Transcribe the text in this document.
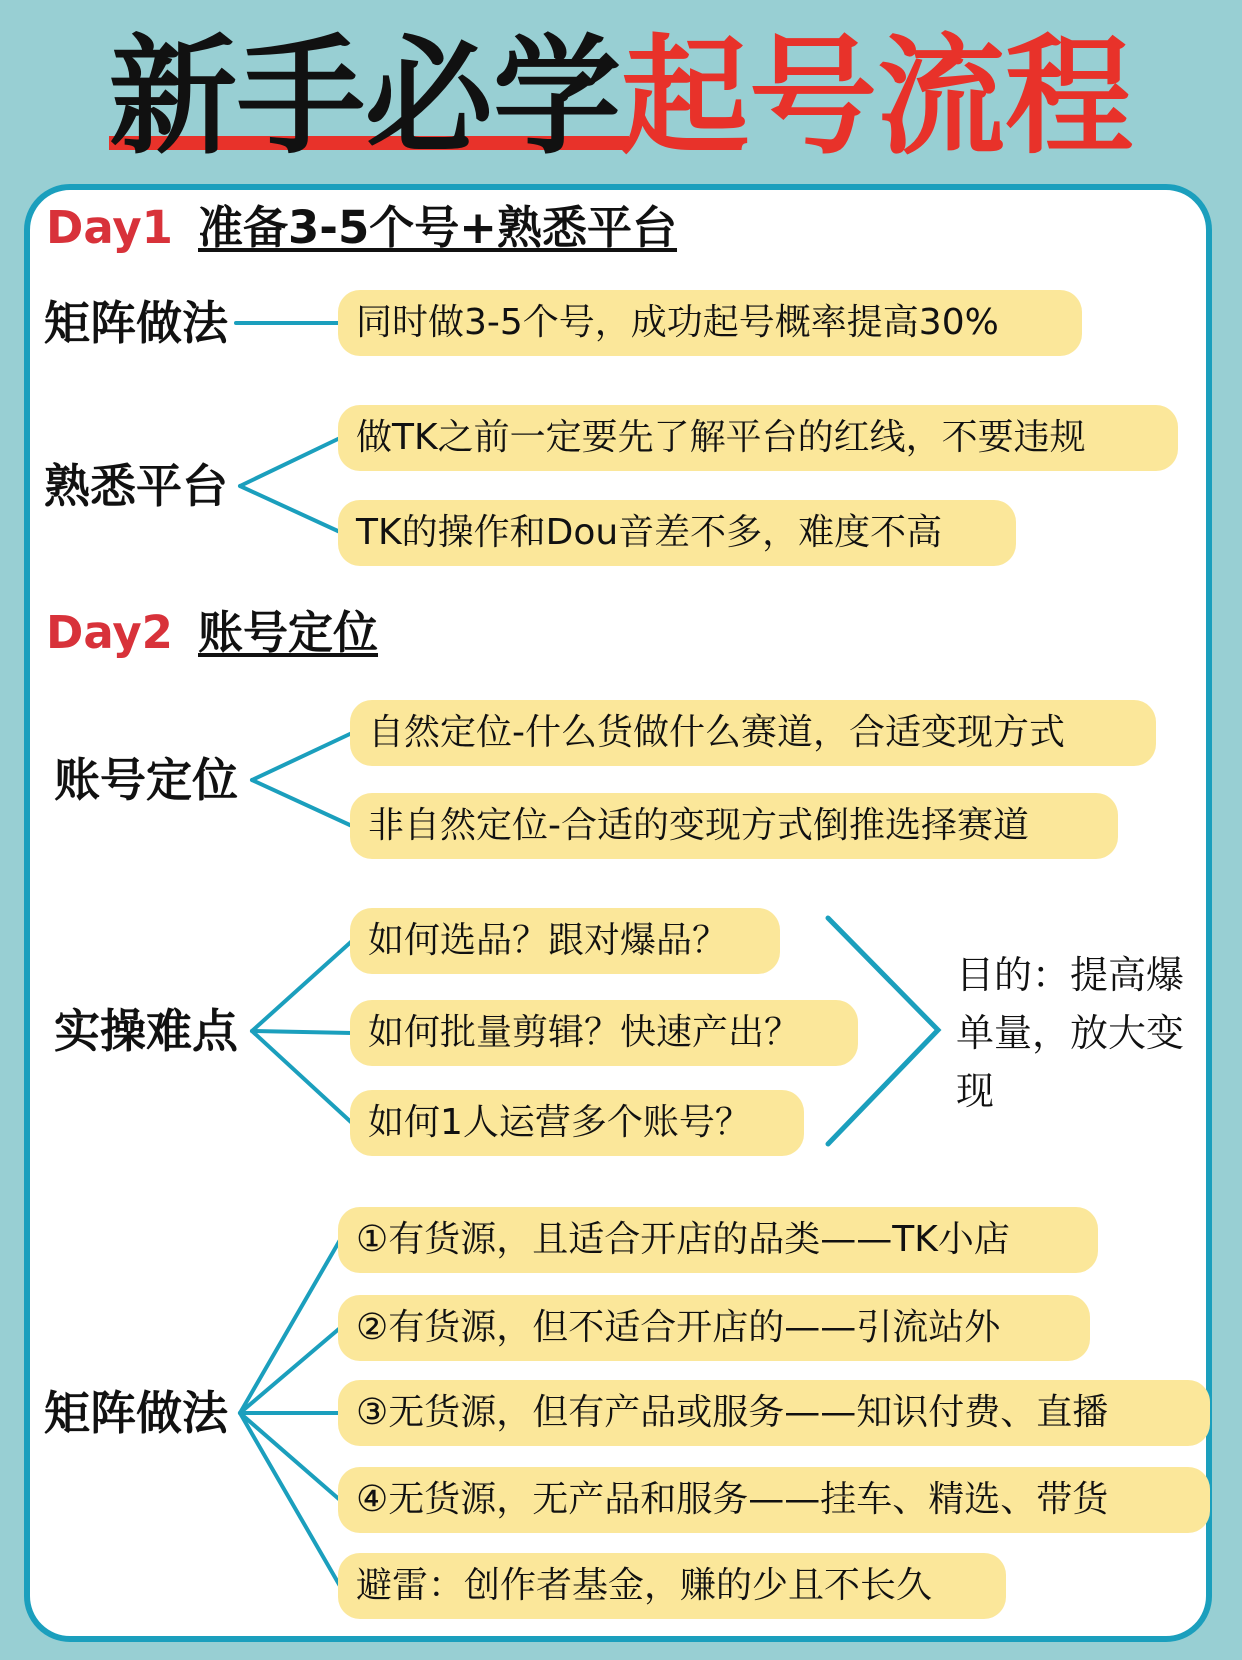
新手必学起号流程
Day1 准备3-5个号+熟悉平台
矩阵做法	同时做3-5个号，成功起号概率提高30%
熟悉平台
做TK之前一定要先了解平台的红线，不要违规
TK的操作和Dou音差不多，难度不高
Day2 账号定位
账号定位
自然定位-什么货做什么赛道，合适变现方式
非自然定位-合适的变现方式倒推选择赛道
实操难点
如何选品？跟对爆品？
如何批量剪辑？快速产出？
如何1人运营多个账号？
目的：提高爆单量，放大变现
矩阵做法
①有货源，且适合开店的品类——TK小店
②有货源，但不适合开店的——引流站外
③无货源，但有产品或服务——知识付费、直播
④无货源，无产品和服务——挂车、精选、带货
避雷：创作者基金，赚的少且不长久
